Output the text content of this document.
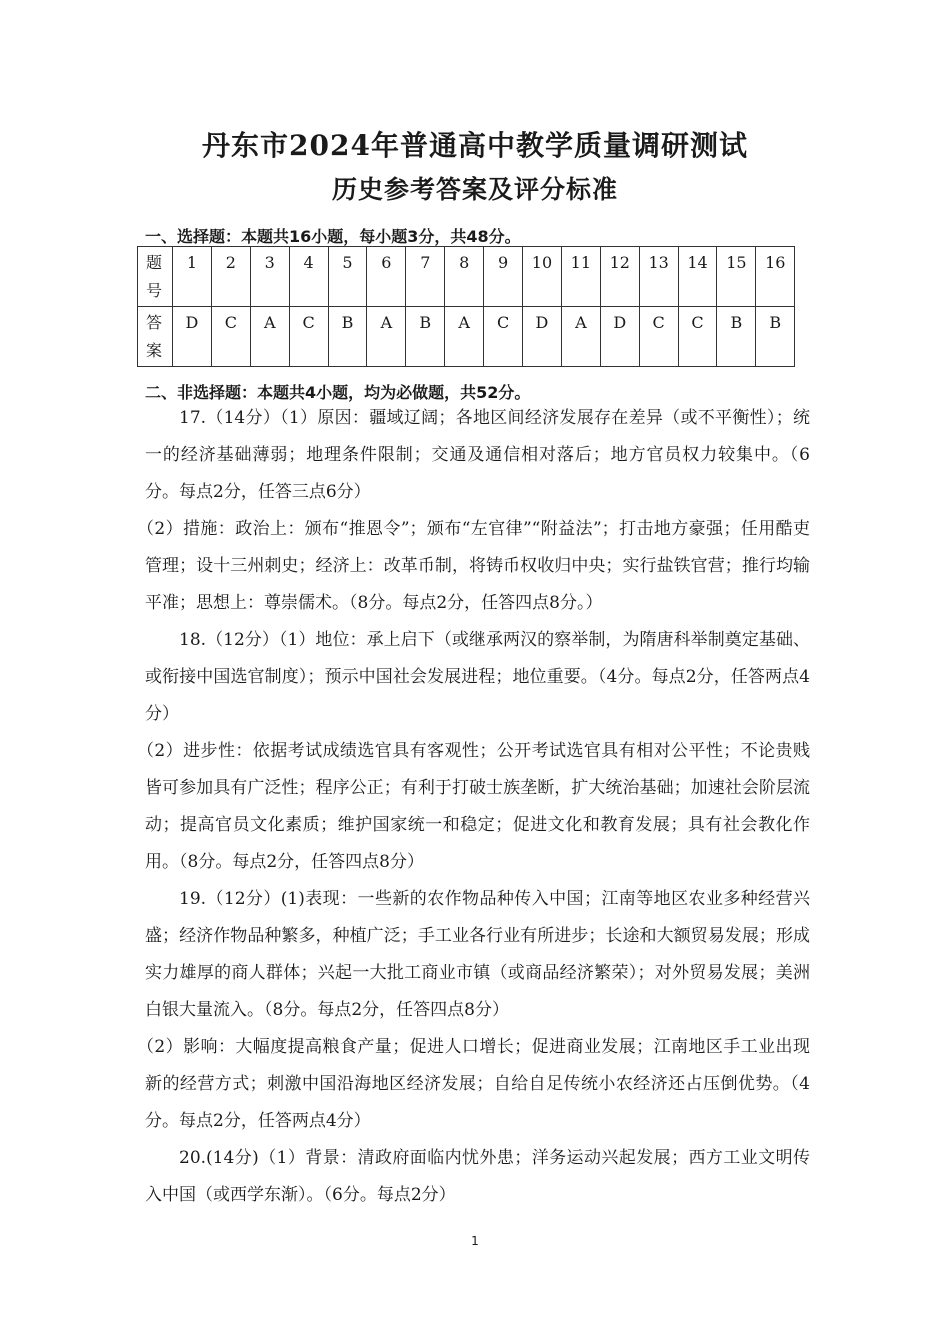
丹东市2024年普通高中教学质量调研测试
历史参考答案及评分标准
一、选择题：本题共16小题，每小题3分，共48分。
题号	1	2	3	4	5	6	7	8	9	10	11	12	13	14	15	16
答案	D	C	A	C	B	A	B	A	C	D	A	D	C	C	B	B
二、非选择题：本题共4小题，均为必做题，共52分。

17.（14分）（1）原因：疆域辽阔；各地区间经济发展存在差异（或不平衡性）；统一的经济基础薄弱；地理条件限制；交通及通信相对落后；地方官员权力较集中。（6分。每点2分，任答三点6分）

（2）措施：政治上：颁布“推恩令”；颁布“左官律”“附益法”；打击地方豪强；任用酷吏管理；设十三州刺史；经济上：改革币制，将铸币权收归中央；实行盐铁官营；推行均输平准；思想上：尊崇儒术。（8分。每点2分，任答四点8分。）

18.（12分）（1）地位：承上启下（或继承两汉的察举制，为隋唐科举制奠定基础、或衔接中国选官制度）；预示中国社会发展进程；地位重要。（4分。每点2分，任答两点4分）

（2）进步性：依据考试成绩选官具有客观性；公开考试选官具有相对公平性；不论贵贱皆可参加具有广泛性；程序公正；有利于打破士族垄断，扩大统治基础；加速社会阶层流动；提高官员文化素质；维护国家统一和稳定；促进文化和教育发展；具有社会教化作用。（8分。每点2分，任答四点8分）

19.（12分）(1)表现：一些新的农作物品种传入中国；江南等地区农业多种经营兴盛；经济作物品种繁多，种植广泛；手工业各行业有所进步；长途和大额贸易发展；形成实力雄厚的商人群体；兴起一大批工商业市镇（或商品经济繁荣）；对外贸易发展；美洲白银大量流入。（8分。每点2分，任答四点8分）

（2）影响：大幅度提高粮食产量；促进人口增长；促进商业发展；江南地区手工业出现新的经营方式；刺激中国沿海地区经济发展；自给自足传统小农经济还占压倒优势。（4分。每点2分，任答两点4分）

20.(14分)（1）背景：清政府面临内忧外患；洋务运动兴起发展；西方工业文明传入中国（或西学东渐）。（6分。每点2分）

1
